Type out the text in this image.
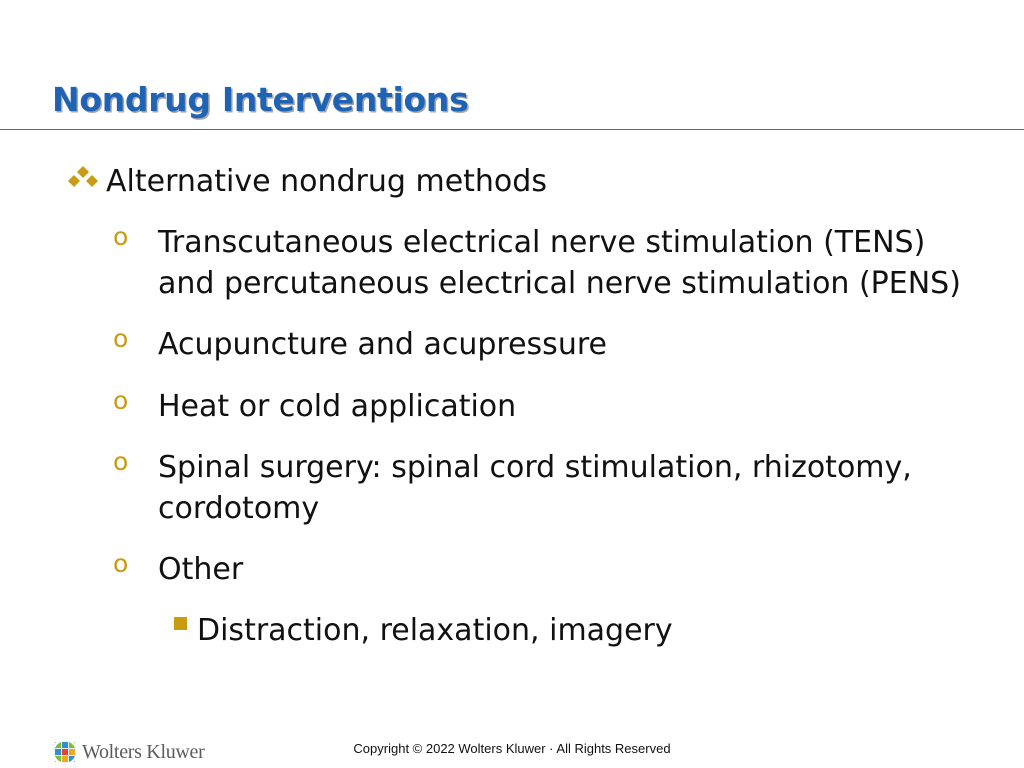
Nondrug Interventions
Alternative nondrug methods
o Transcutaneous electrical nerve stimulation (TENS)
and percutaneous electrical nerve stimulation (PENS)
o Acupuncture and acupressure
o Heat or cold application
o Spinal surgery: spinal cord stimulation, rhizotomy,
cordotomy
o Other
Distraction, relaxation, imagery
Wolters Kluwer	Copyright © 2022 Wolters Kluwer · All Rights Reserved
